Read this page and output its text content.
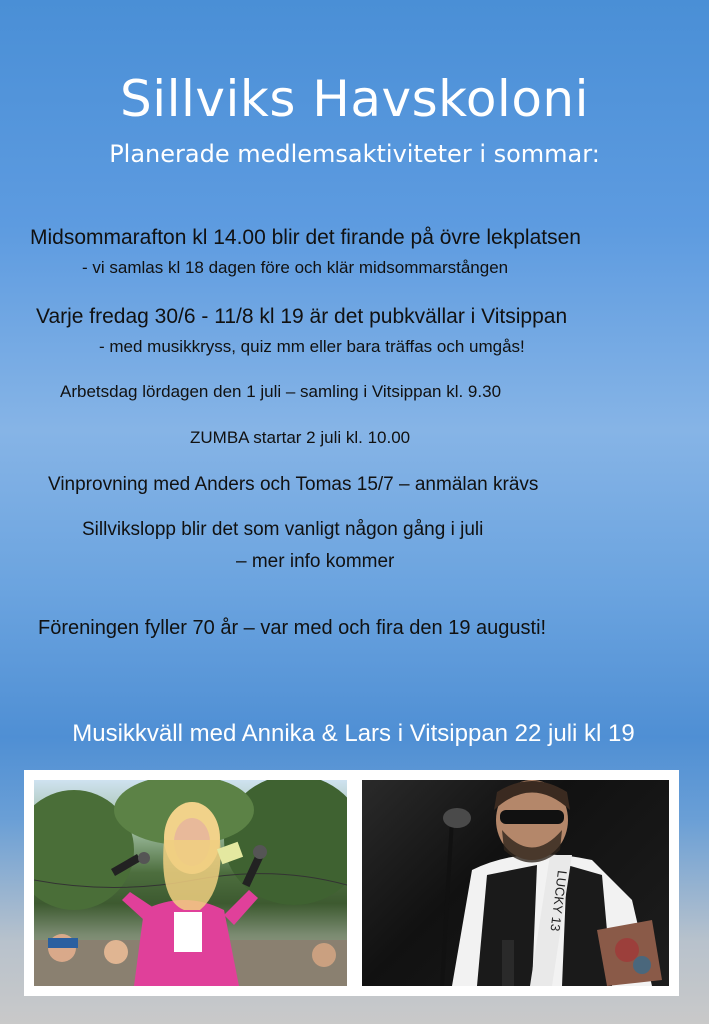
Sillviks Havskoloni
Planerade medlemsaktiviteter i sommar:
Midsommarafton kl 14.00 blir det firande på övre lekplatsen
- vi samlas kl 18 dagen före och klär midsommarstången
Varje fredag 30/6 - 11/8 kl 19 är det pubkvällar i Vitsippan
- med musikkryss, quiz mm eller bara träffas och umgås!
Arbetsdag lördagen den 1 juli – samling i Vitsippan kl. 9.30
ZUMBA startar 2 juli kl. 10.00
Vinprovning med Anders och Tomas 15/7 – anmälan krävs
Sillvikslopp blir det som vanligt någon gång i juli
– mer info kommer
Föreningen fyller 70 år – var med och fira den 19 augusti!
Musikkväll med Annika & Lars i Vitsippan 22 juli kl 19
LUCKY 13
